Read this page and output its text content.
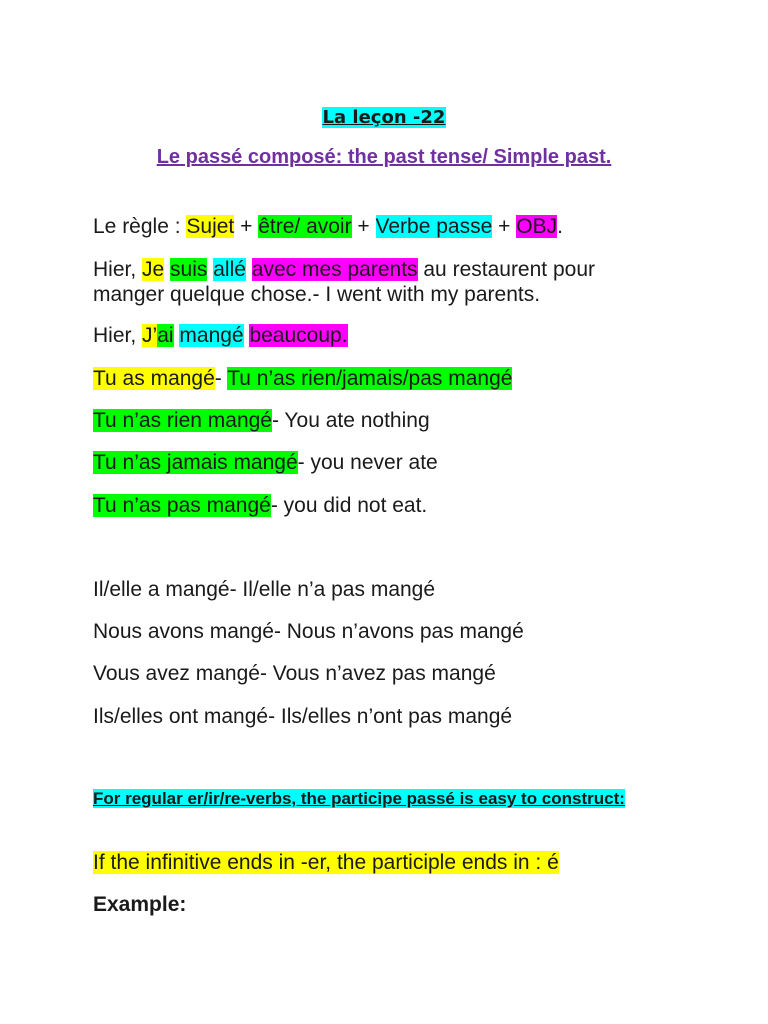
La leçon -22
Le passé composé: the past tense/ Simple past.
Le règle : Sujet + être/ avoir + Verbe passe + OBJ.
Hier, Je suis allé avec mes parents au restaurent pour
manger quelque chose.- I went with my parents.
Hier, J’ai mangé beaucoup.
Tu as mangé- Tu n’as rien/jamais/pas mangé
Tu n’as rien mangé- You ate nothing
Tu n’as jamais mangé- you never ate
Tu n’as pas mangé- you did not eat.
Il/elle a mangé- Il/elle n’a pas mangé
Nous avons mangé- Nous n’avons pas mangé
Vous avez mangé- Vous n’avez pas mangé
Ils/elles ont mangé- Ils/elles n’ont pas mangé
For regular er/ir/re-verbs, the participe passé is easy to construct:
If the infinitive ends in -er, the participle ends in : é
Example:
